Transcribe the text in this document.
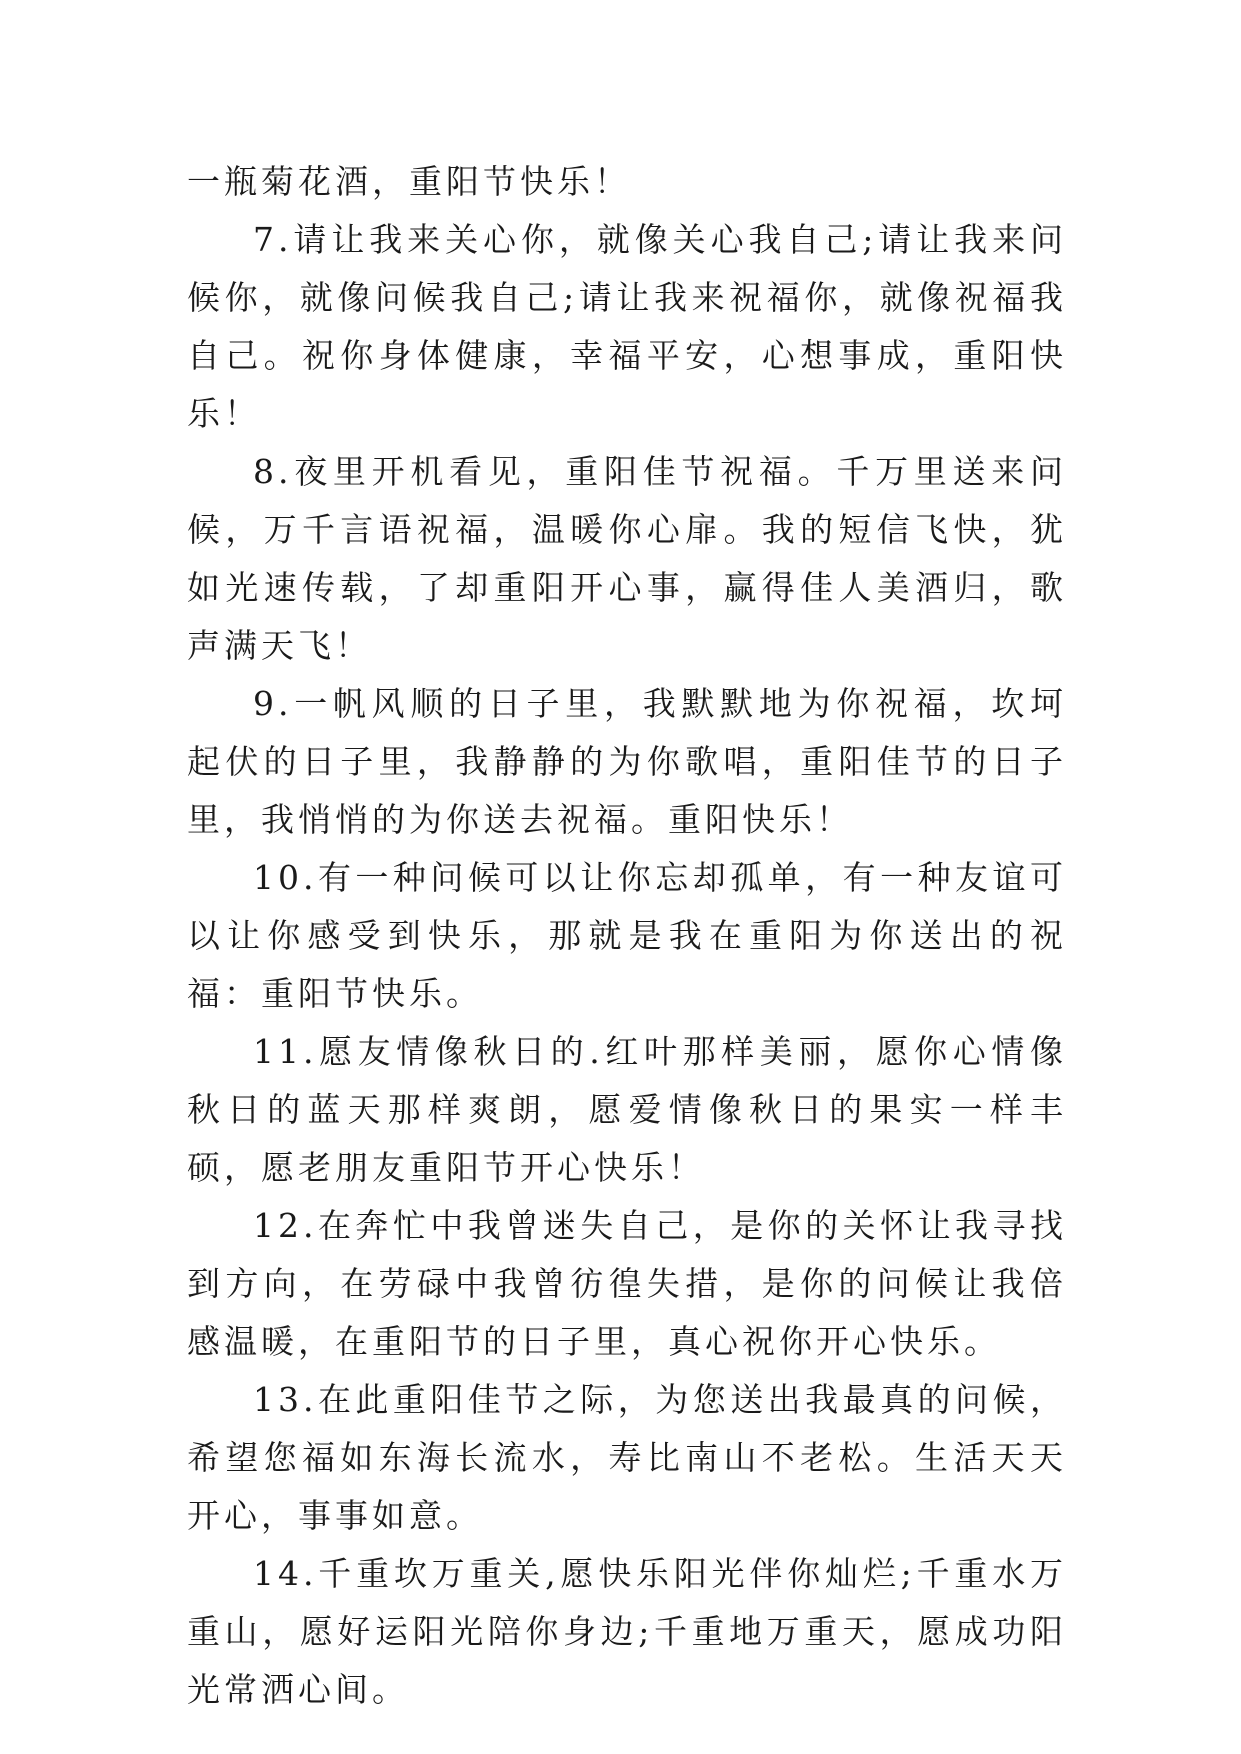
一瓶菊花酒，重阳节快乐！

7.请让我来关心你，就像关心我自己;请让我来问候你，就像问候我自己;请让我来祝福你，就像祝福我自己。祝你身体健康，幸福平安，心想事成，重阳快乐！

8.夜里开机看见，重阳佳节祝福。千万里送来问候，万千言语祝福，温暖你心扉。我的短信飞快，犹如光速传载，了却重阳开心事，赢得佳人美酒归，歌声满天飞！

9.一帆风顺的日子里，我默默地为你祝福，坎坷起伏的日子里，我静静的为你歌唱，重阳佳节的日子里，我悄悄的为你送去祝福。重阳快乐！

10.有一种问候可以让你忘却孤单，有一种友谊可以让你感受到快乐，那就是我在重阳为你送出的祝福：重阳节快乐。

11.愿友情像秋日的.红叶那样美丽，愿你心情像秋日的蓝天那样爽朗，愿爱情像秋日的果实一样丰硕，愿老朋友重阳节开心快乐！

12.在奔忙中我曾迷失自己，是你的关怀让我寻找到方向，在劳碌中我曾彷徨失措，是你的问候让我倍感温暖，在重阳节的日子里，真心祝你开心快乐。

13.在此重阳佳节之际，为您送出我最真的问候，希望您福如东海长流水，寿比南山不老松。生活天天开心，事事如意。

14.千重坎万重关,愿快乐阳光伴你灿烂;千重水万重山，愿好运阳光陪你身边;千重地万重天，愿成功阳光常洒心间。
